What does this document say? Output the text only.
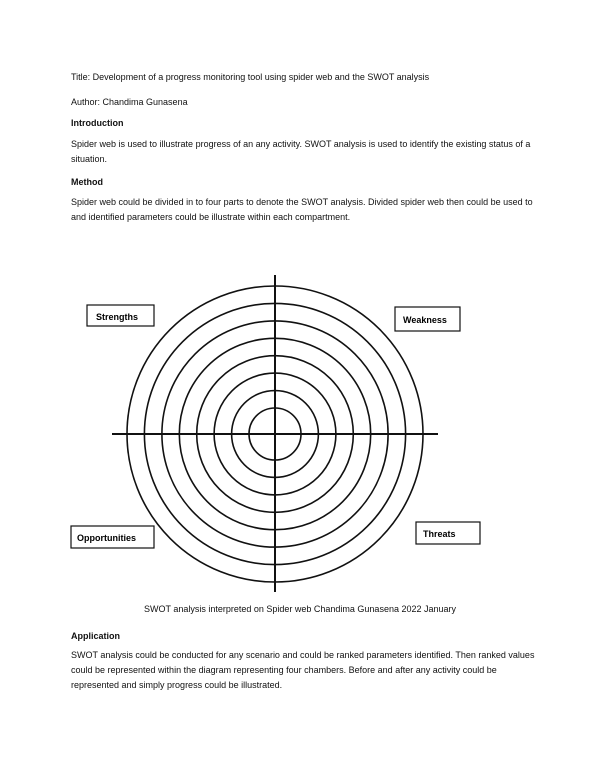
Title: Development of a progress monitoring tool using spider web and the SWOT analysis

Author: Chandima Gunasena

Introduction

Spider web is used to illustrate progress of an any activity. SWOT analysis is used to identify the existing status of a situation.

Method

Spider web could be divided in to four parts to denote the SWOT analysis. Divided spider web then could be used to and identified parameters could be illustrate within each compartment.

Strengths	Weakness
Opportunities	Threats

SWOT analysis interpreted on Spider web Chandima Gunasena 2022 January

Application

SWOT analysis could be conducted for any scenario and could be ranked parameters identified. Then ranked values could be represented within the diagram representing four chambers. Before and after any activity could be represented and simply progress could be illustrated.
